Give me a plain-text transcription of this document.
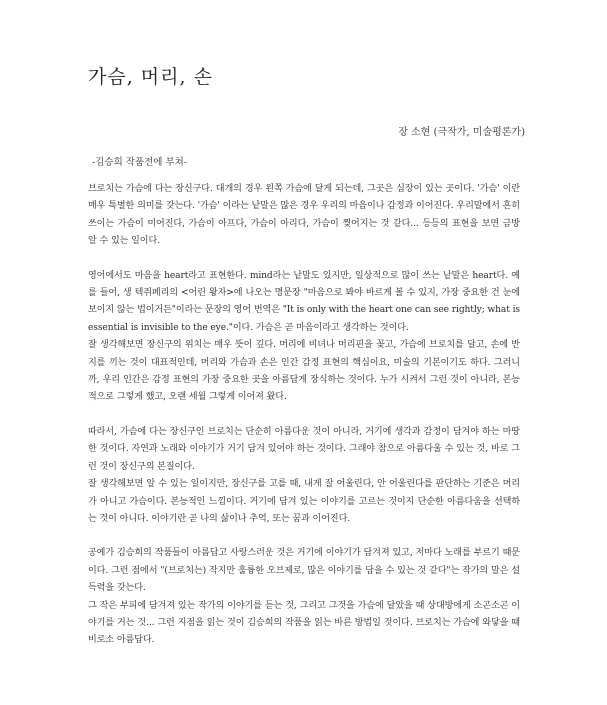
가슴, 머리, 손

장 소현 (극작가, 미술평론가)

-김승희 작품전에 부쳐-

브로치는 가슴에 다는 장신구다. 대개의 경우 왼쪽 가슴에 달게 되는데, 그곳은 심장이 있는 곳이다. '가슴' 이란 매우 특별한 의미를 갖는다. '가슴' 이라는 낱말은 많은 경우 우리의 마음이나 감정과 이어진다. 우리말에서 흔히 쓰이는 가슴이 미어진다, 가슴이 아프다, 가슴이 아리다, 가슴이 찢어지는 것 같다... 등등의 표현을 보면 금방 알 수 있는 일이다.

영어에서도 마음을 heart라고 표현한다. mind라는 낱말도 있지만, 일상적으로 많이 쓰는 낱말은 heart다. 예를 들어, 생 텍쥐페리의 <어린 왕자>에 나오는 명문장 "마음으로 봐야 바르게 볼 수 있지, 가장 중요한 건 눈에 보이지 않는 법이거든"이라는 문장의 영어 번역은 "It is only with the heart one can see rightly; what is essential is invisible to the eye."이다. 가슴은 곧 마음이라고 생각하는 것이다.

잘 생각해보면 장신구의 위치는 매우 뜻이 깊다. 머리에 비녀나 머리핀을 꽂고, 가슴에 브로치를 달고, 손에 반지를 끼는 것이 대표적인데, 머리와 가슴과 손은 인간 감정 표현의 핵심이요, 미술의 기본이기도 하다. 그러니까, 우리 인간은 감정 표현의 가장 중요한 곳을 아름답게 장식하는 것이다. 누가 시켜서 그런 것이 아니라, 본능적으로 그렇게 했고, 오랜 세월 그렇게 이어져 왔다.

따라서, 가슴에 다는 장신구인 브로치는 단순히 아름다운 것이 아니라, 거기에 생각과 감정이 담겨야 하는 마땅한 것이다. 자연과 노래와 이야기가 거기 담겨 있어야 하는 것이다. 그래야 참으로 아름다울 수 있는 것, 바로 그런 것이 장신구의 본질이다.

잘 생각해보면 알 수 있는 일이지만, 장신구를 고를 때, 내게 잘 어울린다, 안 어울린다를 판단하는 기준은 머리가 아니고 가슴이다. 본능적인 느낌이다. 거기에 담겨 있는 이야기를 고르는 것이지 단순한 아름다움을 선택하는 것이 아니다. 이야기란 곧 나의 삶이나 추억, 또는 꿈과 이어진다.

공예가 김승희의 작품들이 아름답고 사랑스러운 것은 거기에 이야기가 담겨져 있고, 저마다 노래를 부르기 때문이다. 그런 점에서 "(브로치는) 작지만 훌륭한 오브제로, 많은 이야기를 담을 수 있는 것 같다"는 작가의 말은 설득력을 갖는다.

그 작은 부피에 담겨져 있는 작가의 이야기를 듣는 것, 그리고 그것을 가슴에 달았을 때 상대방에게 소곤소곤 이야기를 거는 것... 그런 지점을 읽는 것이 김승희의 작품을 읽는 바른 방법일 것이다. 브로치는 가슴에 와닿을 때 비로소 아름답다.
